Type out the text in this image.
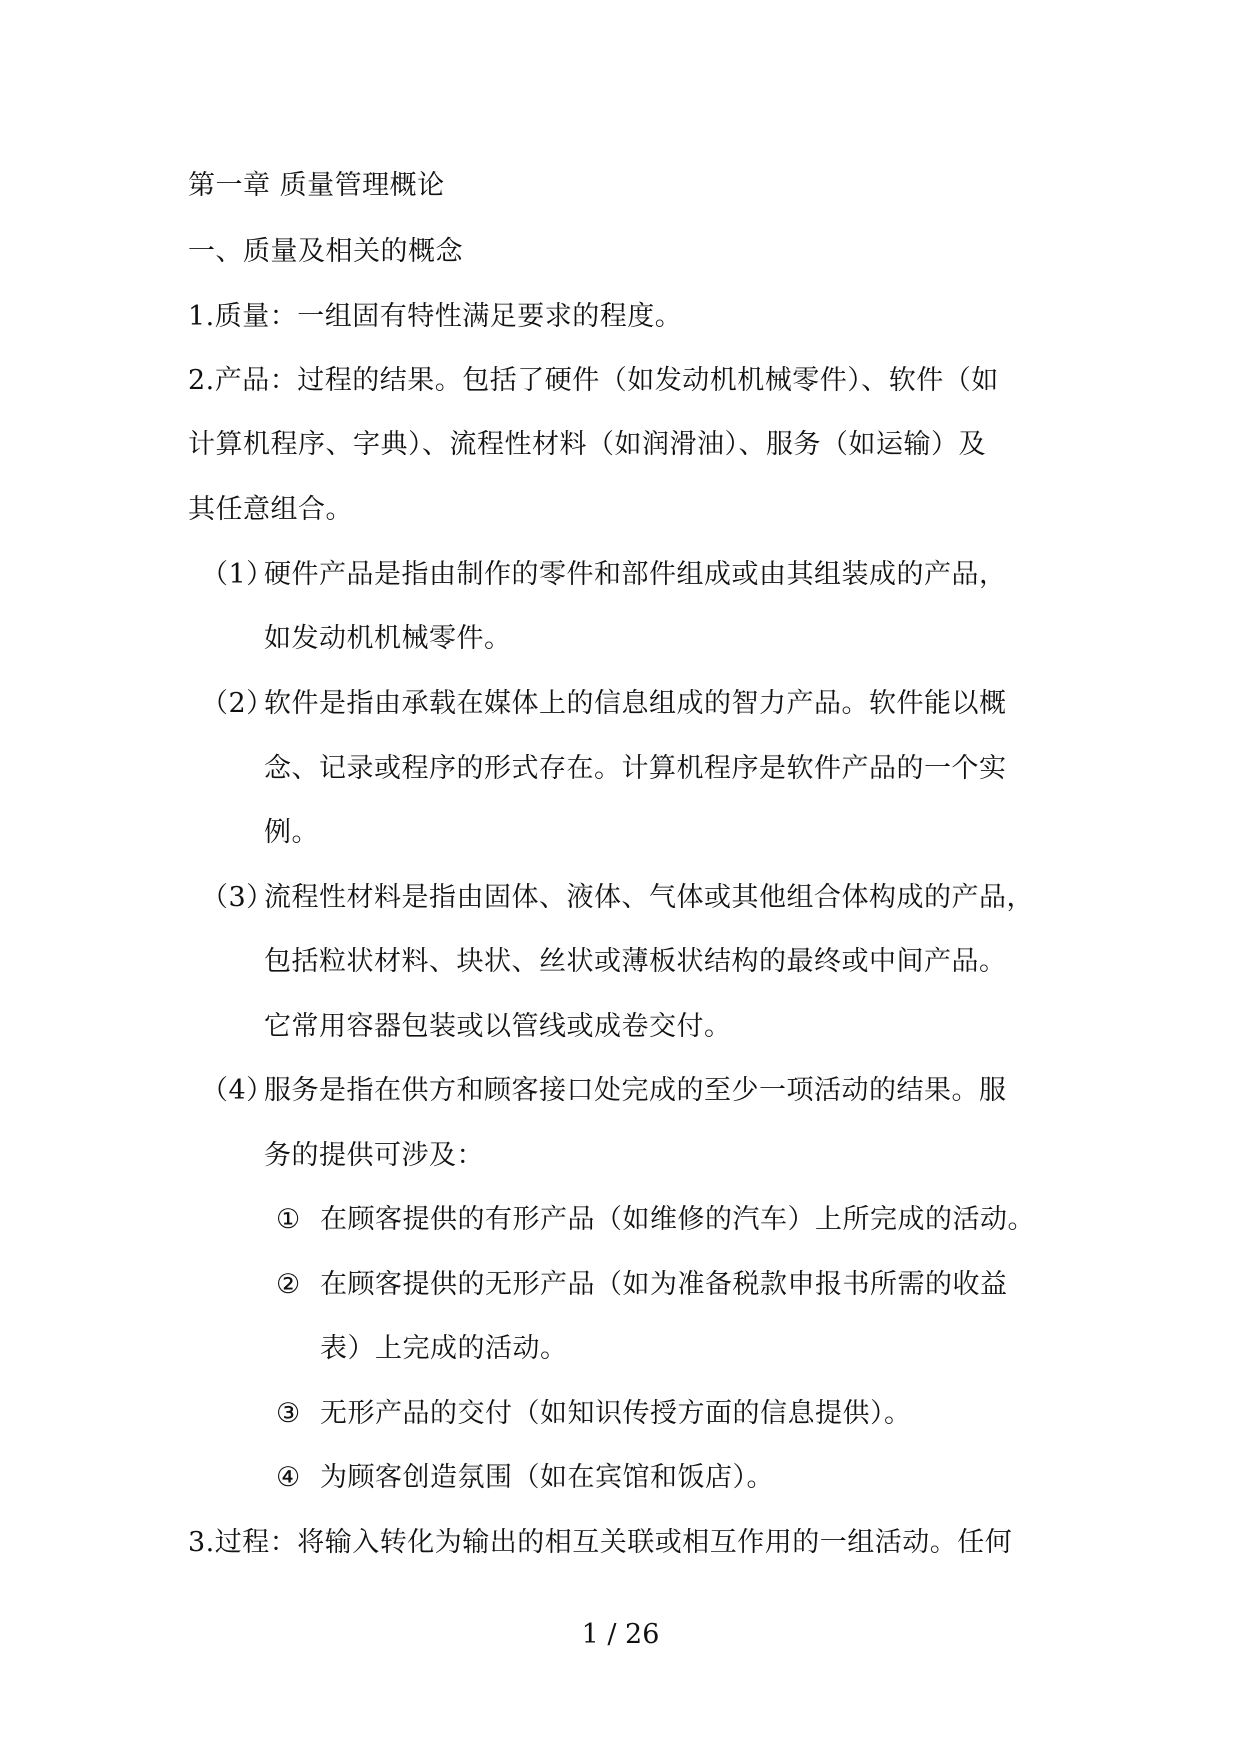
第一章 质量管理概论
一、质量及相关的概念
1.质量：一组固有特性满足要求的程度。
2.产品：过程的结果。包括了硬件（如发动机机械零件）、软件（如
计算机程序、字典）、流程性材料（如润滑油）、服务（如运输）及
其任意组合。
（1）
硬件产品是指由制作的零件和部件组成或由其组装成的产品，
如发动机机械零件。
（2）
软件是指由承载在媒体上的信息组成的智力产品。软件能以概
念、记录或程序的形式存在。计算机程序是软件产品的一个实
例。
（3）
流程性材料是指由固体、液体、气体或其他组合体构成的产品，
包括粒状材料、块状、丝状或薄板状结构的最终或中间产品。
它常用容器包装或以管线或成卷交付。
（4）
服务是指在供方和顾客接口处完成的至少一项活动的结果。服
务的提供可涉及：
① 在顾客提供的有形产品（如维修的汽车）上所完成的活动。
② 在顾客提供的无形产品（如为准备税款申报书所需的收益
表）上完成的活动。
③ 无形产品的交付（如知识传授方面的信息提供）。
④ 为顾客创造氛围（如在宾馆和饭店）。
3.过程：将输入转化为输出的相互关联或相互作用的一组活动。任何
1 / 26
